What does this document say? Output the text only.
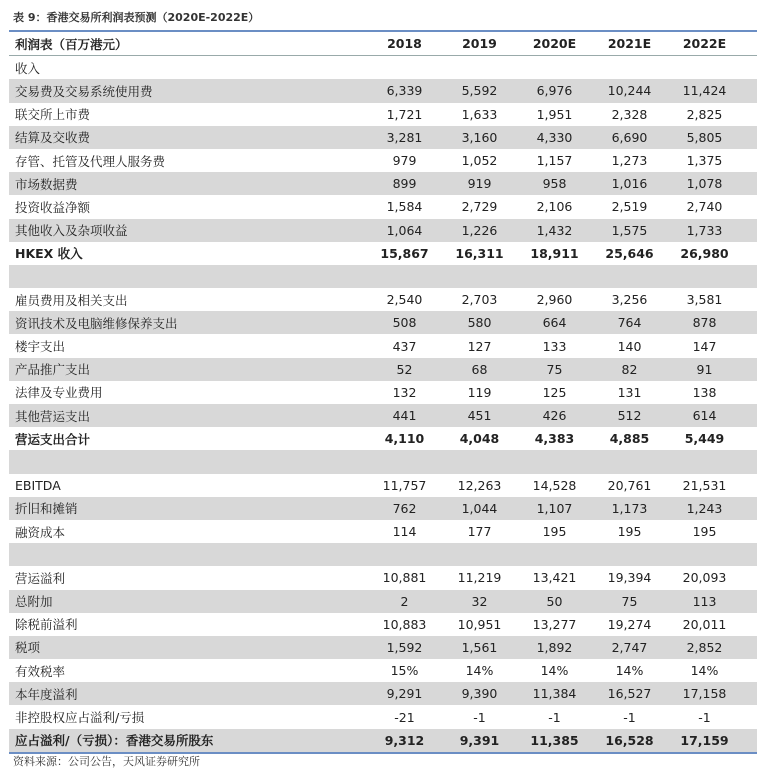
表 9：香港交易所利润表预测（2020E-2022E）
利润表（百万港元）	2018	2019	2020E	2021E	2022E
收入
交易费及交易系统使用费	6,339	5,592	6,976	10,244	11,424
联交所上市费	1,721	1,633	1,951	2,328	2,825
结算及交收费	3,281	3,160	4,330	6,690	5,805
存管、托管及代理人服务费	979	1,052	1,157	1,273	1,375
市场数据费	899	919	958	1,016	1,078
投资收益净额	1,584	2,729	2,106	2,519	2,740
其他收入及杂项收益	1,064	1,226	1,432	1,575	1,733
HKEX 收入	15,867	16,311	18,911	25,646	26,980
雇员费用及相关支出	2,540	2,703	2,960	3,256	3,581
资讯技术及电脑维修保养支出	508	580	664	764	878
楼宇支出	437	127	133	140	147
产品推广支出	52	68	75	82	91
法律及专业费用	132	119	125	131	138
其他营运支出	441	451	426	512	614
营运支出合计	4,110	4,048	4,383	4,885	5,449
EBITDA	11,757	12,263	14,528	20,761	21,531
折旧和摊销	762	1,044	1,107	1,173	1,243
融资成本	114	177	195	195	195
营运溢利	10,881	11,219	13,421	19,394	20,093
总附加	2	32	50	75	113
除税前溢利	10,883	10,951	13,277	19,274	20,011
税项	1,592	1,561	1,892	2,747	2,852
有效税率	15%	14%	14%	14%	14%
本年度溢利	9,291	9,390	11,384	16,527	17,158
非控股权应占溢利/亏损	-21	-1	-1	-1	-1
应占溢利/（亏损）：香港交易所股东	9,312	9,391	11,385	16,528	17,159
资料来源：公司公告，天风证券研究所
